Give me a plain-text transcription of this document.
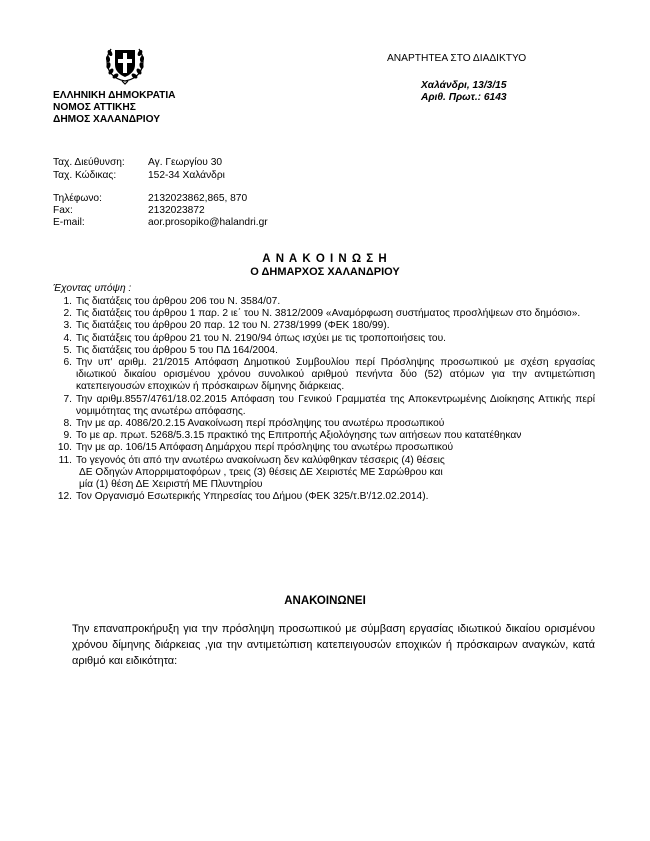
ΑΝΑΡΤΗΤΕΑ ΣΤΟ ΔΙΑΔΙΚΤΥΟ
Χαλάνδρι, 13/3/15
Αριθ. Πρωτ.: 6143
ΕΛΛΗΝΙΚΗ ΔΗΜΟΚΡΑΤΙΑ
ΝΟΜΟΣ ΑΤΤΙΚΗΣ
ΔΗΜΟΣ ΧΑΛΑΝΔΡΙΟΥ
Ταχ. Διεύθυνση: Αγ. Γεωργίου 30
Ταχ. Κώδικας:	152-34 Χαλάνδρι
Τηλέφωνο:	2132023862,865, 870
Fax:	2132023872
E-mail:	aor.prosopiko@halandri.gr
Α Ν Α Κ Ο Ι Ν Ω Σ Η
Ο ΔΗΜΑΡΧΟΣ ΧΑΛΑΝΔΡΙΟΥ
Έχοντας υπόψη :
1. Τις διατάξεις του άρθρου 206 του Ν. 3584/07.
2. Τις διατάξεις του άρθρου 1 παρ. 2 ιε΄ του Ν. 3812/2009 «Αναμόρφωση συστήματος προσλήψεων στο δημόσιο».
3. Τις διατάξεις του άρθρου 20 παρ. 12 του Ν. 2738/1999 (ΦΕΚ 180/99).
4. Τις διατάξεις του άρθρου 21 του Ν. 2190/94 όπως ισχύει με τις τροποποιήσεις του.
5. Τις διατάξεις του άρθρου 5 του ΠΔ 164/2004.
6. Την υπ' αριθμ. 21/2015 Απόφαση Δημοτικού Συμβουλίου περί Πρόσληψης προσωπικού με σχέση εργασίας ιδιωτικού δικαίου ορισμένου χρόνου συνολικού αριθμού πενήντα δύο (52) ατόμων για την αντιμετώπιση κατεπειγουσών εποχικών ή πρόσκαιρων δίμηνης διάρκειας.
7. Την αριθμ.8557/4761/18.02.2015 Απόφαση του Γενικού Γραμματέα της Αποκεντρωμένης Διοίκησης Αττικής περί νομιμότητας της ανωτέρω απόφασης.
8. Την με αρ. 4086/20.2.15 Ανακοίνωση περί πρόσληψης του ανωτέρω προσωπικού
9. Το με αρ. πρωτ. 5268/5.3.15 πρακτικό της Επιτροπής Αξιολόγησης των αιτήσεων που κατατέθηκαν
10. Την με αρ. 106/15 Απόφαση Δημάρχου περί πρόσληψης του ανωτέρω προσωπικού
11. Το γεγονός ότι από την ανωτέρω ανακοίνωση δεν καλύφθηκαν τέσσερις (4) θέσεις
ΔΕ Οδηγών Απορριματοφόρων , τρεις (3) θέσεις ΔΕ Χειριστές ΜΕ Σαρώθρου και
μία (1) θέση ΔΕ Χειριστή ΜΕ Πλυντηρίου
12. Τον Οργανισμό Εσωτερικής Υπηρεσίας του Δήμου (ΦΕΚ 325/τ.Β'/12.02.2014).
ΑΝΑΚΟΙΝΩΝΕΙ
Την επαναπροκήρυξη για την πρόσληψη προσωπικού με σύμβαση εργασίας ιδιωτικού δικαίου ορισμένου χρόνου δίμηνης διάρκειας ,για την αντιμετώπιση κατεπειγουσών εποχικών ή πρόσκαιρων αναγκών, κατά αριθμό και ειδικότητα:
